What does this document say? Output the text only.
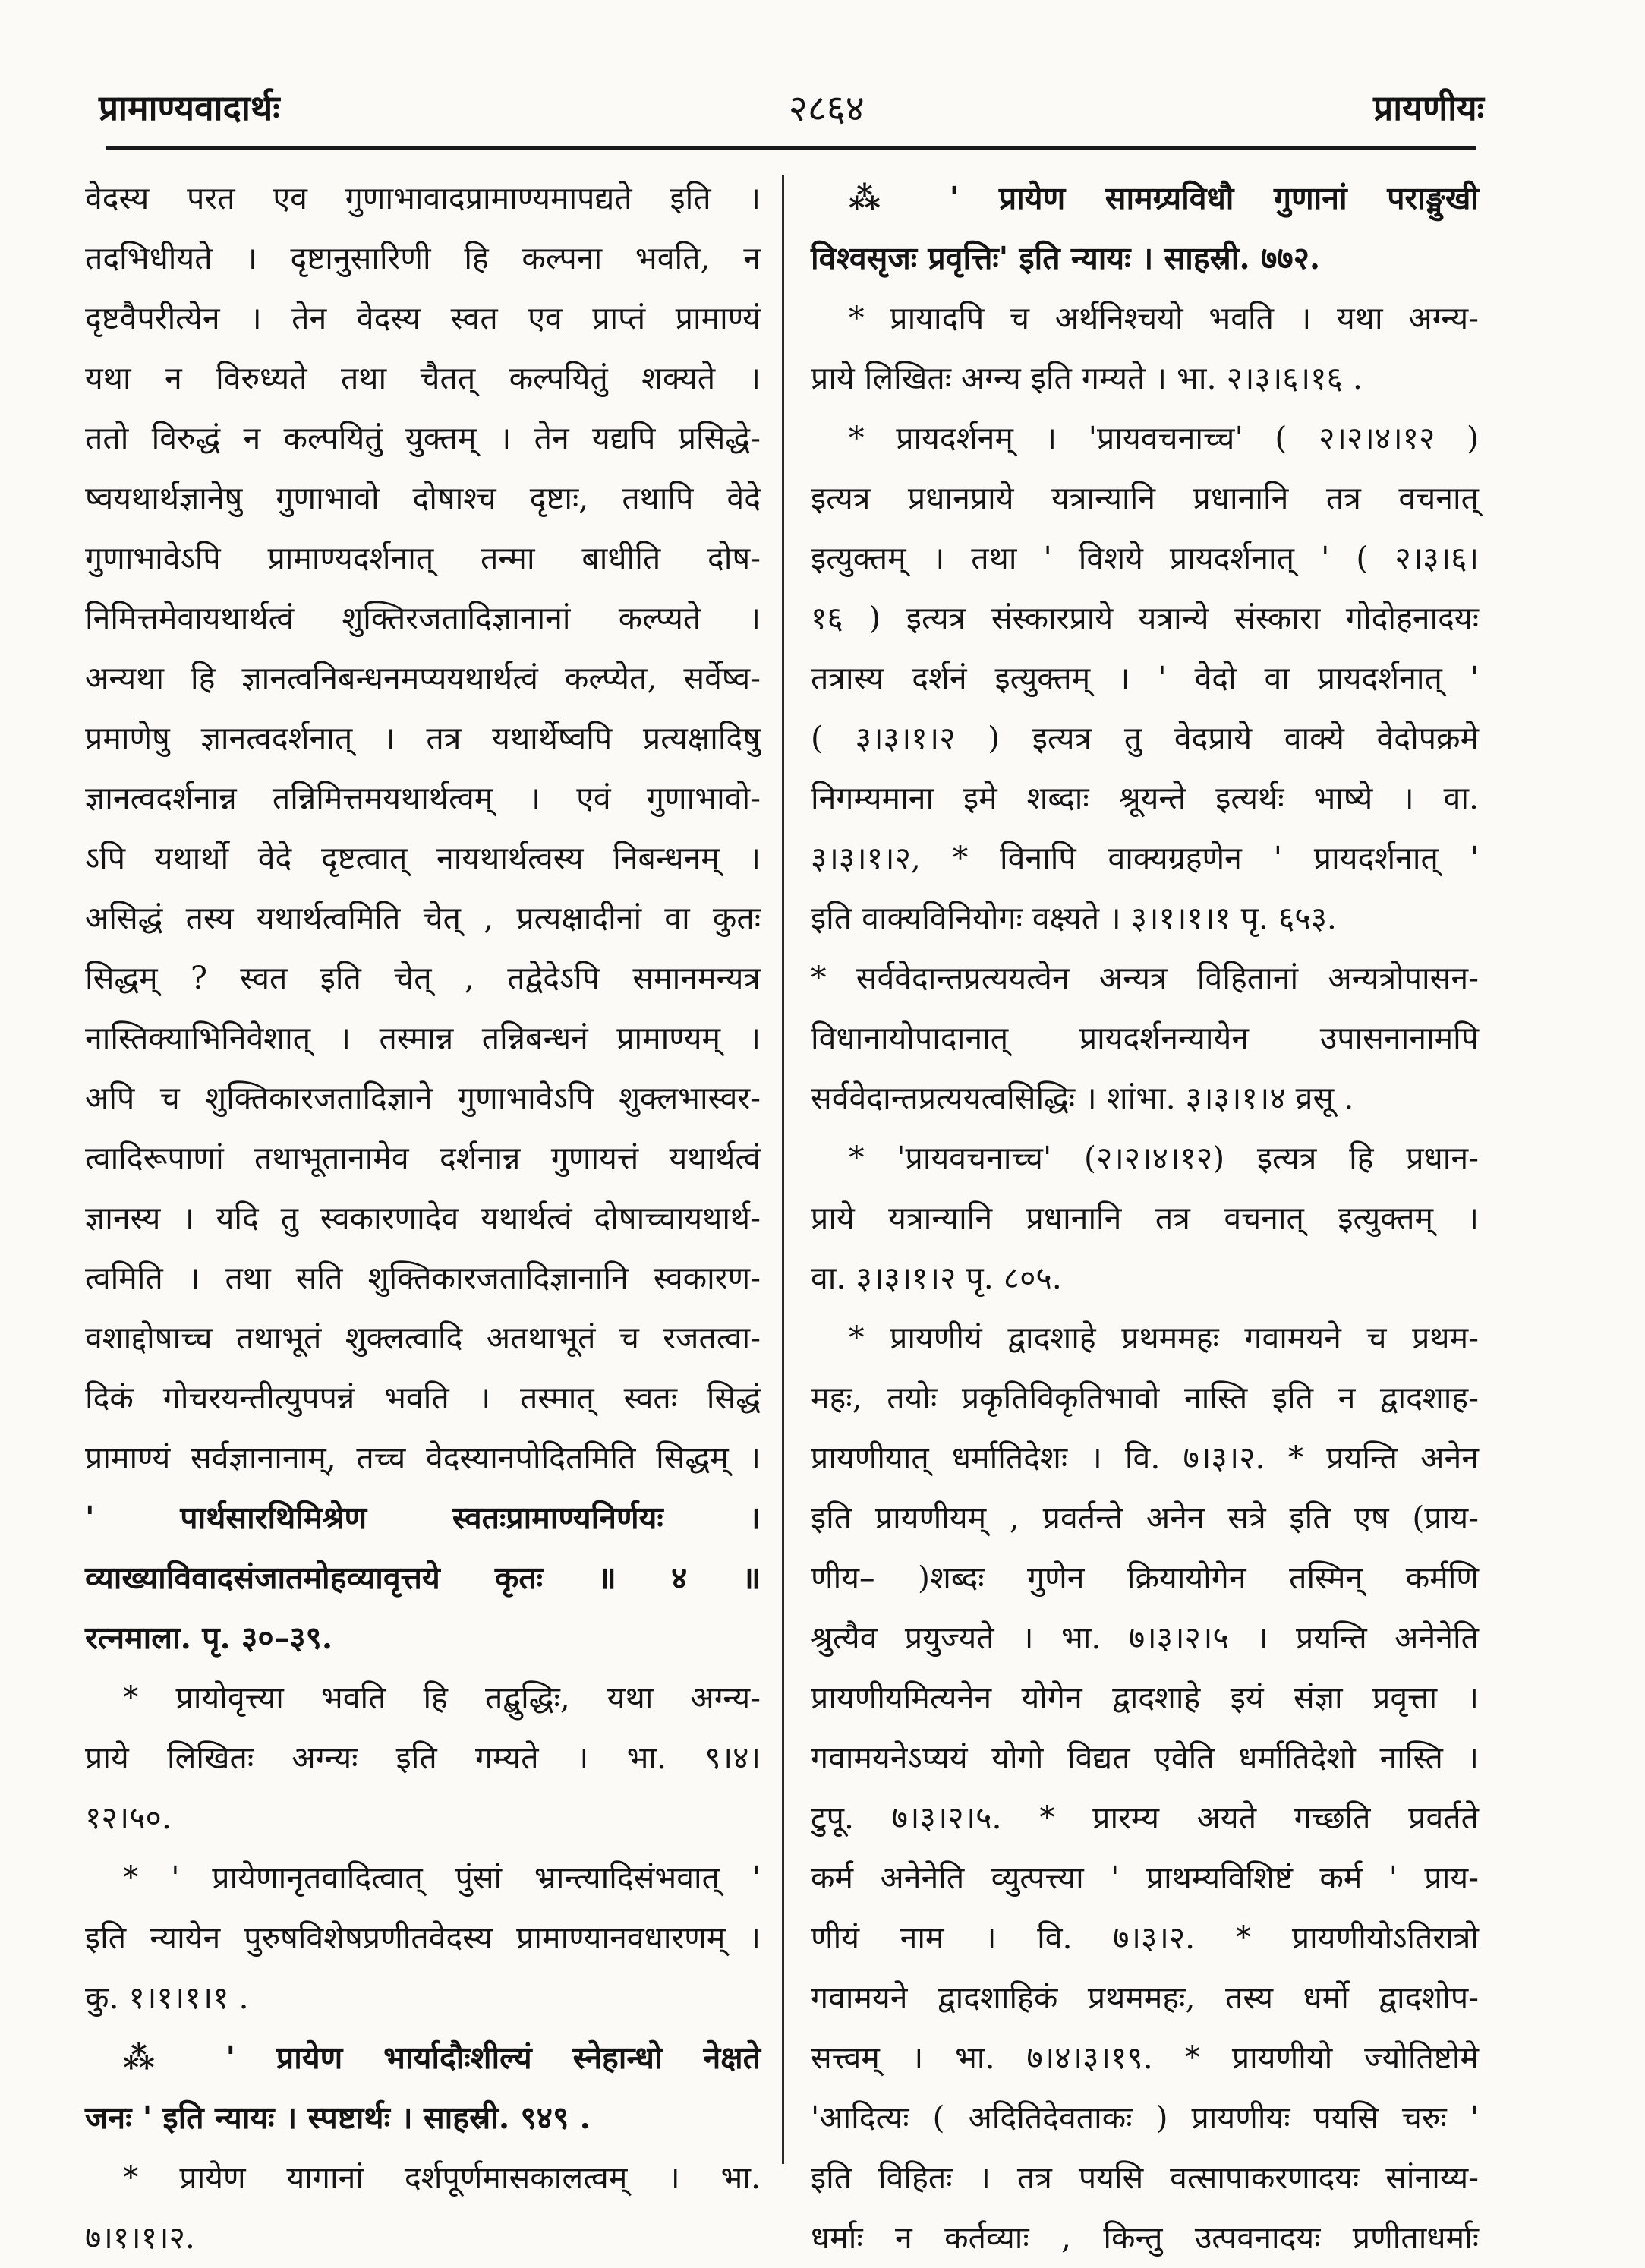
प्रामाण्यवादार्थः	२८६४	प्रायणीयः
वेदस्य परत एव गुणाभावादप्रामाण्यमापद्यते इति ।
तदभिधीयते । दृष्टानुसारिणी हि कल्पना भवति, न
दृष्टवैपरीत्येन । तेन वेदस्य स्वत एव प्राप्तं प्रामाण्यं
यथा न विरुध्यते तथा चैतत् कल्पयितुं शक्यते ।
ततो विरुद्धं न कल्पयितुं युक्तम् । तेन यद्यपि प्रसिद्धे-
ष्वयथार्थज्ञानेषु गुणाभावो दोषाश्च दृष्टाः, तथापि वेदे
गुणाभावेऽपि प्रामाण्यदर्शनात् तन्मा बाधीति दोष-
निमित्तमेवायथार्थत्वं शुक्तिरजतादिज्ञानानां कल्प्यते ।
अन्यथा हि ज्ञानत्वनिबन्धनमप्ययथार्थत्वं कल्प्येत, सर्वेष्व-
प्रमाणेषु ज्ञानत्वदर्शनात् । तत्र यथार्थेष्वपि प्रत्यक्षादिषु
ज्ञानत्वदर्शनान्न तन्निमित्तमयथार्थत्वम् । एवं गुणाभावो-
ऽपि यथार्थो वेदे दृष्टत्वात् नायथार्थत्वस्य निबन्धनम् ।
असिद्धं तस्य यथार्थत्वमिति चेत् , प्रत्यक्षादीनां वा कुतः
सिद्धम् ? स्वत इति चेत् , तद्वेदेऽपि समानमन्यत्र
नास्तिक्याभिनिवेशात् । तस्मान्न तन्निबन्धनं प्रामाण्यम् ।
अपि च शुक्तिकारजतादिज्ञाने गुणाभावेऽपि शुक्लभास्वर-
त्वादिरूपाणां तथाभूतानामेव दर्शनान्न गुणायत्तं यथार्थत्वं
ज्ञानस्य । यदि तु स्वकारणादेव यथार्थत्वं दोषाच्चायथार्थ-
त्वमिति । तथा सति शुक्तिकारजतादिज्ञानानि स्वकारण-
वशाद्दोषाच्च तथाभूतं शुक्लत्वादि अतथाभूतं च रजतत्वा-
दिकं गोचरयन्तीत्युपपन्नं भवति । तस्मात् स्वतः सिद्धं
प्रामाण्यं सर्वज्ञानानाम्, तच्च वेदस्यानपोदितमिति सिद्धम् ।
' पार्थसारथिमिश्रेण स्वतःप्रामाण्यनिर्णयः ।
व्याख्याविवादसंजातमोहव्यावृत्तये कृतः ॥ ४ ॥
रत्नमाला. पृ. ३०–३९.
* प्रायोवृत्त्या भवति हि तद्बुद्धिः, यथा अग्न्य-
प्राये लिखितः अग्न्यः इति गम्यते । भा. ९।४।
१२।५०.
* ' प्रायेणानृतवादित्वात् पुंसां भ्रान्त्यादिसंभवात् '
इति न्यायेन पुरुषविशेषप्रणीतवेदस्य प्रामाण्यानवधारणम् ।
कु. १।१।१।१ .
⁂ ' प्रायेण भार्यादौःशील्यं स्नेहान्धो नेक्षते
जनः ' इति न्यायः । स्पष्टार्थः । साहस्री. ९४९ .
* प्रायेण यागानां दर्शपूर्णमासकालत्वम् । भा.
७।१।१।२.
⁂ ' प्रायेण सामग्र्यविधौ गुणानां पराङ्मुखी
विश्वसृजः प्रवृत्तिः' इति न्यायः । साहस्री. ७७२.
* प्रायादपि च अर्थनिश्चयो भवति । यथा अग्न्य-
प्राये लिखितः अग्न्य इति गम्यते । भा. २।३।६।१६ .
* प्रायदर्शनम् । 'प्रायवचनाच्च' ( २।२।४।१२ )
इत्यत्र प्रधानप्राये यत्रान्यानि प्रधानानि तत्र वचनात्
इत्युक्तम् । तथा ' विशये प्रायदर्शनात् ' ( २।३।६।
१६ ) इत्यत्र संस्कारप्राये यत्रान्ये संस्कारा गोदोहनादयः
तत्रास्य दर्शनं इत्युक्तम् । ' वेदो वा प्रायदर्शनात् '
( ३।३।१।२ ) इत्यत्र तु वेदप्राये वाक्ये वेदोपक्रमे
निगम्यमाना इमे शब्दाः श्रूयन्ते इत्यर्थः भाष्ये । वा.
३।३।१।२, * विनापि वाक्यग्रहणेन ' प्रायदर्शनात् '
इति वाक्यविनियोगः वक्ष्यते । ३।१।१।१ पृ. ६५३.
* सर्ववेदान्तप्रत्ययत्वेन अन्यत्र विहितानां अन्यत्रोपासन-
विधानायोपादानात् प्रायदर्शनन्यायेन उपासनानामपि
सर्ववेदान्तप्रत्ययत्वसिद्धिः । शांभा. ३।३।१।४ व्रसू .
* 'प्रायवचनाच्च' (२।२।४।१२) इत्यत्र हि प्रधान-
प्राये यत्रान्यानि प्रधानानि तत्र वचनात् इत्युक्तम् ।
वा. ३।३।१।२ पृ. ८०५.
* प्रायणीयं द्वादशाहे प्रथममहः गवामयने च प्रथम-
महः, तयोः प्रकृतिविकृतिभावो नास्ति इति न द्वादशाह-
प्रायणीयात् धर्मातिदेशः । वि. ७।३।२. * प्रयन्ति अनेन
इति प्रायणीयम् , प्रवर्तन्ते अनेन सत्रे इति एष (प्राय-
णीय– )शब्दः गुणेन क्रियायोगेन तस्मिन् कर्मणि
श्रुत्यैव प्रयुज्यते । भा. ७।३।२।५ । प्रयन्ति अनेनेति
प्रायणीयमित्यनेन योगेन द्वादशाहे इयं संज्ञा प्रवृत्ता ।
गवामयनेऽप्ययं योगो विद्यत एवेति धर्मातिदेशो नास्ति ।
टुपू. ७।३।२।५. * प्रारम्य अयते गच्छति प्रवर्तते
कर्म अनेनेति व्युत्पत्त्या ' प्राथम्यविशिष्टं कर्म ' प्राय-
णीयं नाम । वि. ७।३।२. * प्रायणीयोऽतिरात्रो
गवामयने द्वादशाहिकं प्रथममहः, तस्य धर्मो द्वादशोप-
सत्त्वम् । भा. ७।४।३।१९. * प्रायणीयो ज्योतिष्टोमे
'आदित्यः ( अदितिदेवताकः ) प्रायणीयः पयसि चरुः '
इति विहितः । तत्र पयसि वत्सापाकरणादयः सांनाय्य-
धर्माः न कर्तव्याः , किन्तु उत्पवनादयः प्रणीताधर्माः
